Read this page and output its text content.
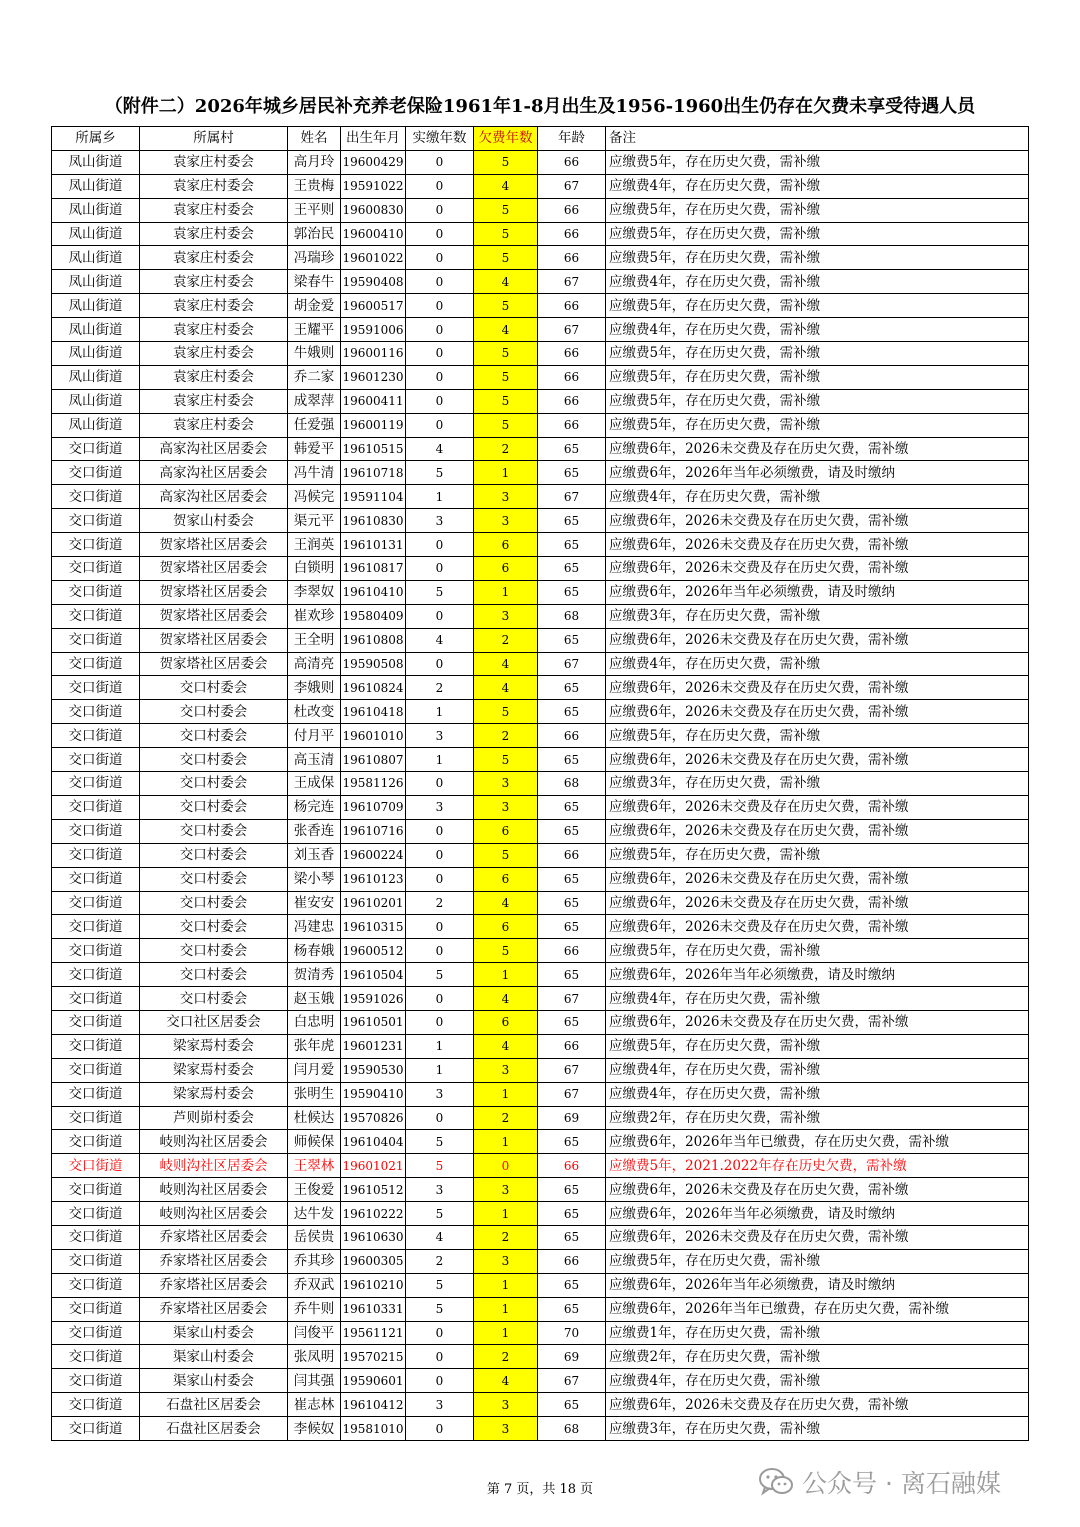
（附件二）2026年城乡居民补充养老保险1961年1-8月出生及1956-1960出生仍存在欠费未享受待遇人员
所属乡	所属村	姓名	出生年月	实缴年数	欠费年数	年龄	备注
凤山街道	袁家庄村委会	高月玲	19600429	0	5	66	应缴费5年，存在历史欠费，需补缴
凤山街道	袁家庄村委会	王贵梅	19591022	0	4	67	应缴费4年，存在历史欠费，需补缴
凤山街道	袁家庄村委会	王平则	19600830	0	5	66	应缴费5年，存在历史欠费，需补缴
凤山街道	袁家庄村委会	郭治民	19600410	0	5	66	应缴费5年，存在历史欠费，需补缴
凤山街道	袁家庄村委会	冯瑞珍	19601022	0	5	66	应缴费5年，存在历史欠费，需补缴
凤山街道	袁家庄村委会	梁春牛	19590408	0	4	67	应缴费4年，存在历史欠费，需补缴
凤山街道	袁家庄村委会	胡金爱	19600517	0	5	66	应缴费5年，存在历史欠费，需补缴
凤山街道	袁家庄村委会	王耀平	19591006	0	4	67	应缴费4年，存在历史欠费，需补缴
凤山街道	袁家庄村委会	牛娥则	19600116	0	5	66	应缴费5年，存在历史欠费，需补缴
凤山街道	袁家庄村委会	乔二家	19601230	0	5	66	应缴费5年，存在历史欠费，需补缴
凤山街道	袁家庄村委会	成翠萍	19600411	0	5	66	应缴费5年，存在历史欠费，需补缴
凤山街道	袁家庄村委会	任爱强	19600119	0	5	66	应缴费5年，存在历史欠费，需补缴
交口街道	高家沟社区居委会	韩爱平	19610515	4	2	65	应缴费6年，2026未交费及存在历史欠费，需补缴
交口街道	高家沟社区居委会	冯牛清	19610718	5	1	65	应缴费6年，2026年当年必须缴费，请及时缴纳
交口街道	高家沟社区居委会	冯候完	19591104	1	3	67	应缴费4年，存在历史欠费，需补缴
交口街道	贺家山村委会	渠元平	19610830	3	3	65	应缴费6年，2026未交费及存在历史欠费，需补缴
交口街道	贺家塔社区居委会	王润英	19610131	0	6	65	应缴费6年，2026未交费及存在历史欠费，需补缴
交口街道	贺家塔社区居委会	白锁明	19610817	0	6	65	应缴费6年，2026未交费及存在历史欠费，需补缴
交口街道	贺家塔社区居委会	李翠奴	19610410	5	1	65	应缴费6年，2026年当年必须缴费，请及时缴纳
交口街道	贺家塔社区居委会	崔欢珍	19580409	0	3	68	应缴费3年，存在历史欠费，需补缴
交口街道	贺家塔社区居委会	王全明	19610808	4	2	65	应缴费6年，2026未交费及存在历史欠费，需补缴
交口街道	贺家塔社区居委会	高清亮	19590508	0	4	67	应缴费4年，存在历史欠费，需补缴
交口街道	交口村委会	李娥则	19610824	2	4	65	应缴费6年，2026未交费及存在历史欠费，需补缴
交口街道	交口村委会	杜改变	19610418	1	5	65	应缴费6年，2026未交费及存在历史欠费，需补缴
交口街道	交口村委会	付月平	19601010	3	2	66	应缴费5年，存在历史欠费，需补缴
交口街道	交口村委会	高玉清	19610807	1	5	65	应缴费6年，2026未交费及存在历史欠费，需补缴
交口街道	交口村委会	王成保	19581126	0	3	68	应缴费3年，存在历史欠费，需补缴
交口街道	交口村委会	杨完连	19610709	3	3	65	应缴费6年，2026未交费及存在历史欠费，需补缴
交口街道	交口村委会	张香连	19610716	0	6	65	应缴费6年，2026未交费及存在历史欠费，需补缴
交口街道	交口村委会	刘玉香	19600224	0	5	66	应缴费5年，存在历史欠费，需补缴
交口街道	交口村委会	梁小琴	19610123	0	6	65	应缴费6年，2026未交费及存在历史欠费，需补缴
交口街道	交口村委会	崔安安	19610201	2	4	65	应缴费6年，2026未交费及存在历史欠费，需补缴
交口街道	交口村委会	冯建忠	19610315	0	6	65	应缴费6年，2026未交费及存在历史欠费，需补缴
交口街道	交口村委会	杨春娥	19600512	0	5	66	应缴费5年，存在历史欠费，需补缴
交口街道	交口村委会	贺清秀	19610504	5	1	65	应缴费6年，2026年当年必须缴费，请及时缴纳
交口街道	交口村委会	赵玉娥	19591026	0	4	67	应缴费4年，存在历史欠费，需补缴
交口街道	交口社区居委会	白忠明	19610501	0	6	65	应缴费6年，2026未交费及存在历史欠费，需补缴
交口街道	梁家焉村委会	张年虎	19601231	1	4	66	应缴费5年，存在历史欠费，需补缴
交口街道	梁家焉村委会	闫月爱	19590530	1	3	67	应缴费4年，存在历史欠费，需补缴
交口街道	梁家焉村委会	张明生	19590410	3	1	67	应缴费4年，存在历史欠费，需补缴
交口街道	芦则峁村委会	杜候达	19570826	0	2	69	应缴费2年，存在历史欠费，需补缴
交口街道	岐则沟社区居委会	师候保	19610404	5	1	65	应缴费6年，2026年当年已缴费，存在历史欠费，需补缴
交口街道	岐则沟社区居委会	王翠林	19601021	5	0	66	应缴费5年，2021.2022年存在历史欠费，需补缴
交口街道	岐则沟社区居委会	王俊爱	19610512	3	3	65	应缴费6年，2026未交费及存在历史欠费，需补缴
交口街道	岐则沟社区居委会	达牛发	19610222	5	1	65	应缴费6年，2026年当年必须缴费，请及时缴纳
交口街道	乔家塔社区居委会	岳侯贵	19610630	4	2	65	应缴费6年，2026未交费及存在历史欠费，需补缴
交口街道	乔家塔社区居委会	乔其珍	19600305	2	3	66	应缴费5年，存在历史欠费，需补缴
交口街道	乔家塔社区居委会	乔双武	19610210	5	1	65	应缴费6年，2026年当年必须缴费，请及时缴纳
交口街道	乔家塔社区居委会	乔牛则	19610331	5	1	65	应缴费6年，2026年当年已缴费，存在历史欠费，需补缴
交口街道	渠家山村委会	闫俊平	19561121	0	1	70	应缴费1年，存在历史欠费，需补缴
交口街道	渠家山村委会	张凤明	19570215	0	2	69	应缴费2年，存在历史欠费，需补缴
交口街道	渠家山村委会	闫其强	19590601	0	4	67	应缴费4年，存在历史欠费，需补缴
交口街道	石盘社区居委会	崔志林	19610412	3	3	65	应缴费6年，2026未交费及存在历史欠费，需补缴
交口街道	石盘社区居委会	李候奴	19581010	0	3	68	应缴费3年，存在历史欠费，需补缴
第 7 页，共 18 页	公众号 · 离石融媒
